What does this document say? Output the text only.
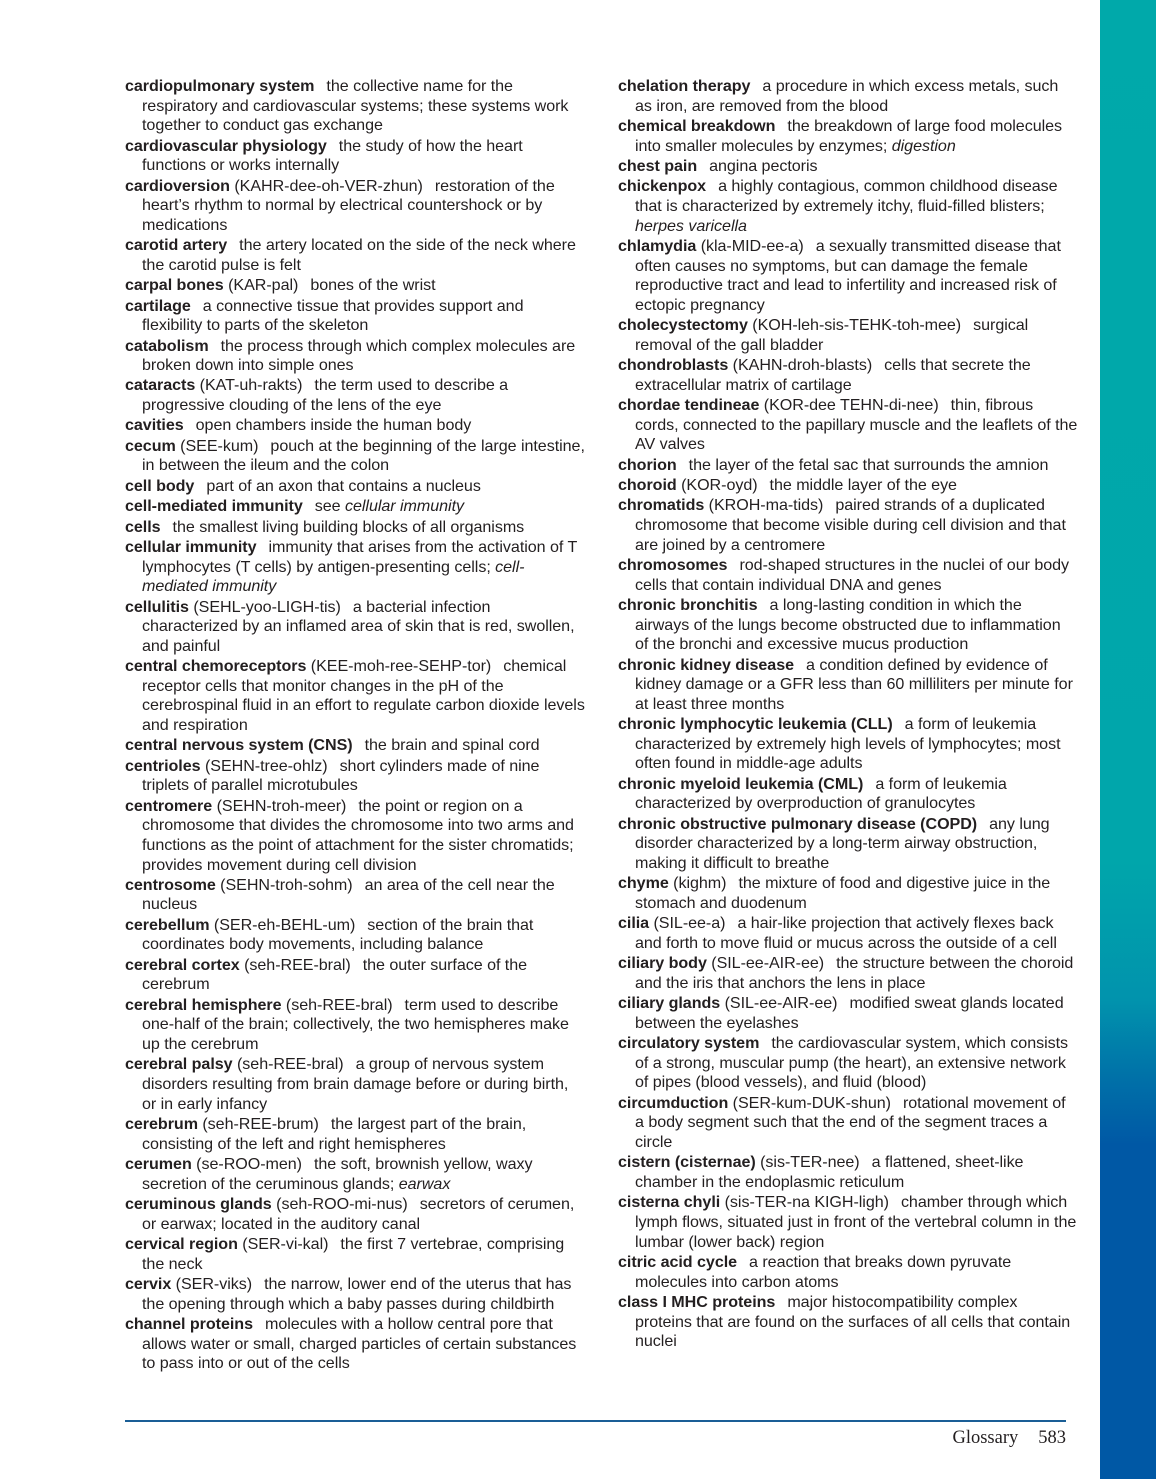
cardiopulmonary system the collective name for the respiratory and cardiovascular systems; these systems work together to conduct gas exchange
cardiovascular physiology the study of how the heart functions or works internally
cardioversion (KAHR-dee-oh-VER-zhun) restoration of the heart’s rhythm to normal by electrical countershock or by medications
carotid artery the artery located on the side of the neck where the carotid pulse is felt
carpal bones (KAR-pal) bones of the wrist
cartilage a connective tissue that provides support and flexibility to parts of the skeleton
catabolism the process through which complex molecules are broken down into simple ones
cataracts (KAT-uh-rakts) the term used to describe a progressive clouding of the lens of the eye
cavities open chambers inside the human body
cecum (SEE-kum) pouch at the beginning of the large intestine, in between the ileum and the colon
cell body part of an axon that contains a nucleus
cell-mediated immunity see cellular immunity
cells the smallest living building blocks of all organisms
cellular immunity immunity that arises from the activation of T lymphocytes (T cells) by antigen-presenting cells; cell-mediated immunity
cellulitis (SEHL-yoo-LIGH-tis) a bacterial infection characterized by an inflamed area of skin that is red, swollen, and painful
central chemoreceptors (KEE-moh-ree-SEHP-tor) chemical receptor cells that monitor changes in the pH of the cerebrospinal fluid in an effort to regulate carbon dioxide levels and respiration
central nervous system (CNS) the brain and spinal cord
centrioles (SEHN-tree-ohlz) short cylinders made of nine triplets of parallel microtubules
centromere (SEHN-troh-meer) the point or region on a chromosome that divides the chromosome into two arms and functions as the point of attachment for the sister chromatids; provides movement during cell division
centrosome (SEHN-troh-sohm) an area of the cell near the nucleus
cerebellum (SER-eh-BEHL-um) section of the brain that coordinates body movements, including balance
cerebral cortex (seh-REE-bral) the outer surface of the cerebrum
cerebral hemisphere (seh-REE-bral) term used to describe one-half of the brain; collectively, the two hemispheres make up the cerebrum
cerebral palsy (seh-REE-bral) a group of nervous system disorders resulting from brain damage before or during birth, or in early infancy
cerebrum (seh-REE-brum) the largest part of the brain, consisting of the left and right hemispheres
cerumen (se-ROO-men) the soft, brownish yellow, waxy secretion of the ceruminous glands; earwax
ceruminous glands (seh-ROO-mi-nus) secretors of cerumen, or earwax; located in the auditory canal
cervical region (SER-vi-kal) the first 7 vertebrae, comprising the neck
cervix (SER-viks) the narrow, lower end of the uterus that has the opening through which a baby passes during childbirth
channel proteins molecules with a hollow central pore that allows water or small, charged particles of certain substances to pass into or out of the cells
chelation therapy a procedure in which excess metals, such as iron, are removed from the blood
chemical breakdown the breakdown of large food molecules into smaller molecules by enzymes; digestion
chest pain angina pectoris
chickenpox a highly contagious, common childhood disease that is characterized by extremely itchy, fluid-filled blisters; herpes varicella
chlamydia (kla-MID-ee-a) a sexually transmitted disease that often causes no symptoms, but can damage the female reproductive tract and lead to infertility and increased risk of ectopic pregnancy
cholecystectomy (KOH-leh-sis-TEHK-toh-mee) surgical removal of the gall bladder
chondroblasts (KAHN-droh-blasts) cells that secrete the extracellular matrix of cartilage
chordae tendineae (KOR-dee TEHN-di-nee) thin, fibrous cords, connected to the papillary muscle and the leaflets of the AV valves
chorion the layer of the fetal sac that surrounds the amnion
choroid (KOR-oyd) the middle layer of the eye
chromatids (KROH-ma-tids) paired strands of a duplicated chromosome that become visible during cell division and that are joined by a centromere
chromosomes rod-shaped structures in the nuclei of our body cells that contain individual DNA and genes
chronic bronchitis a long-lasting condition in which the airways of the lungs become obstructed due to inflammation of the bronchi and excessive mucus production
chronic kidney disease a condition defined by evidence of kidney damage or a GFR less than 60 milliliters per minute for at least three months
chronic lymphocytic leukemia (CLL) a form of leukemia characterized by extremely high levels of lymphocytes; most often found in middle-age adults
chronic myeloid leukemia (CML) a form of leukemia characterized by overproduction of granulocytes
chronic obstructive pulmonary disease (COPD) any lung disorder characterized by a long-term airway obstruction, making it difficult to breathe
chyme (kighm) the mixture of food and digestive juice in the stomach and duodenum
cilia (SIL-ee-a) a hair-like projection that actively flexes back and forth to move fluid or mucus across the outside of a cell
ciliary body (SIL-ee-AIR-ee) the structure between the choroid and the iris that anchors the lens in place
ciliary glands (SIL-ee-AIR-ee) modified sweat glands located between the eyelashes
circulatory system the cardiovascular system, which consists of a strong, muscular pump (the heart), an extensive network of pipes (blood vessels), and fluid (blood)
circumduction (SER-kum-DUK-shun) rotational movement of a body segment such that the end of the segment traces a circle
cistern (cisternae) (sis-TER-nee) a flattened, sheet-like chamber in the endoplasmic reticulum
cisterna chyli (sis-TER-na KIGH-ligh) chamber through which lymph flows, situated just in front of the vertebral column in the lumbar (lower back) region
citric acid cycle a reaction that breaks down pyruvate molecules into carbon atoms
class I MHC proteins major histocompatibility complex proteins that are found on the surfaces of all cells that contain nuclei
Glossary 583
